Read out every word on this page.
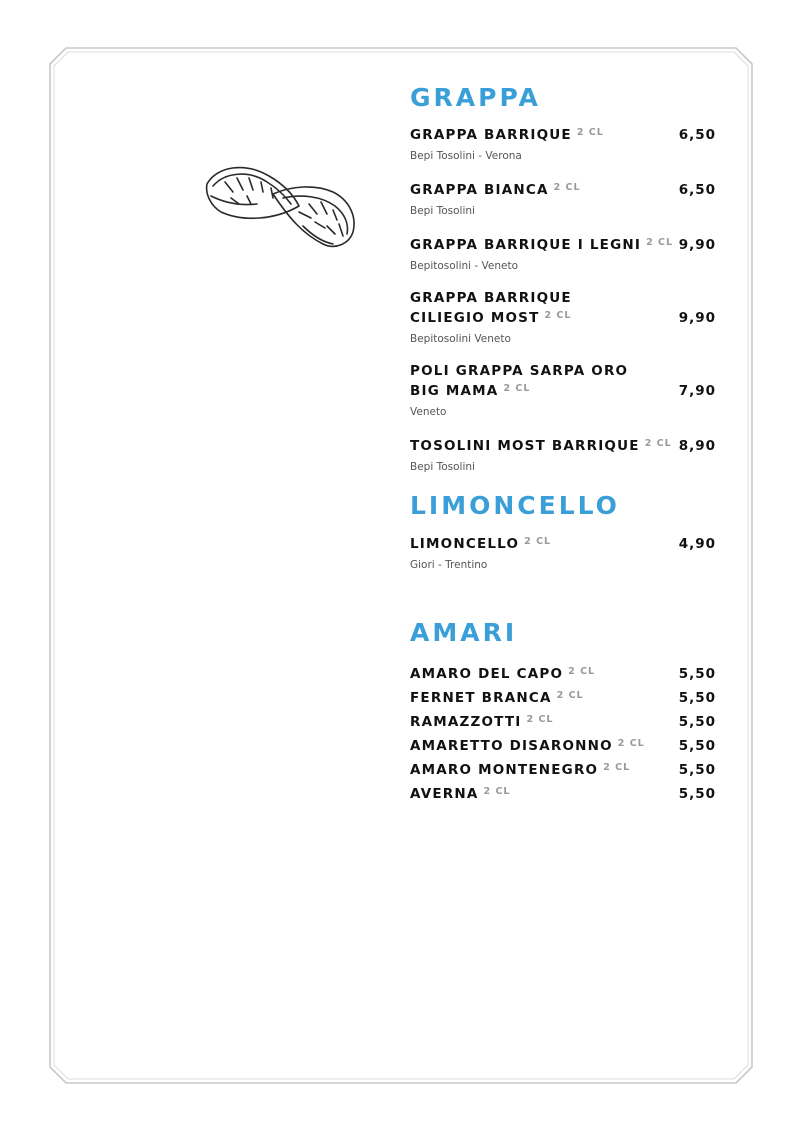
GRAPPA
GRAPPA BARRIQUE $^{2 CL}$	6,50
Bepi Tosolini - Verona
GRAPPA BIANCA $^{2 CL}$	6,50
Bepi Tosolini
GRAPPA BARRIQUE I LEGNI $^{2 CL}$ 9,90
Bepitosolini - Veneto
GRAPPA BARRIQUE
CILIEGIO MOST $^{2 CL}$	9,90
Bepitosolini Veneto
POLI GRAPPA SARPA ORO
BIG MAMA $^{2 CL}$	7,90
Veneto
TOSOLINI MOST BARRIQUE $^{2 CL}$ 8,90
Bepi Tosolini
LIMONCELLO
LIMONCELLO $^{2 CL}$	4,90
Giori - Trentino
AMARI
AMARO DEL CAPO $^{2 CL}$	5,50
FERNET BRANCA $^{2 CL}$	5,50
RAMAZZOTTI $^{2 CL}$	5,50
AMARETTO DISARONNO $^{2 CL}$	5,50
AMARO MONTENEGRO $^{2 CL}$	5,50
AVERNA $^{2 CL}$	5,50
